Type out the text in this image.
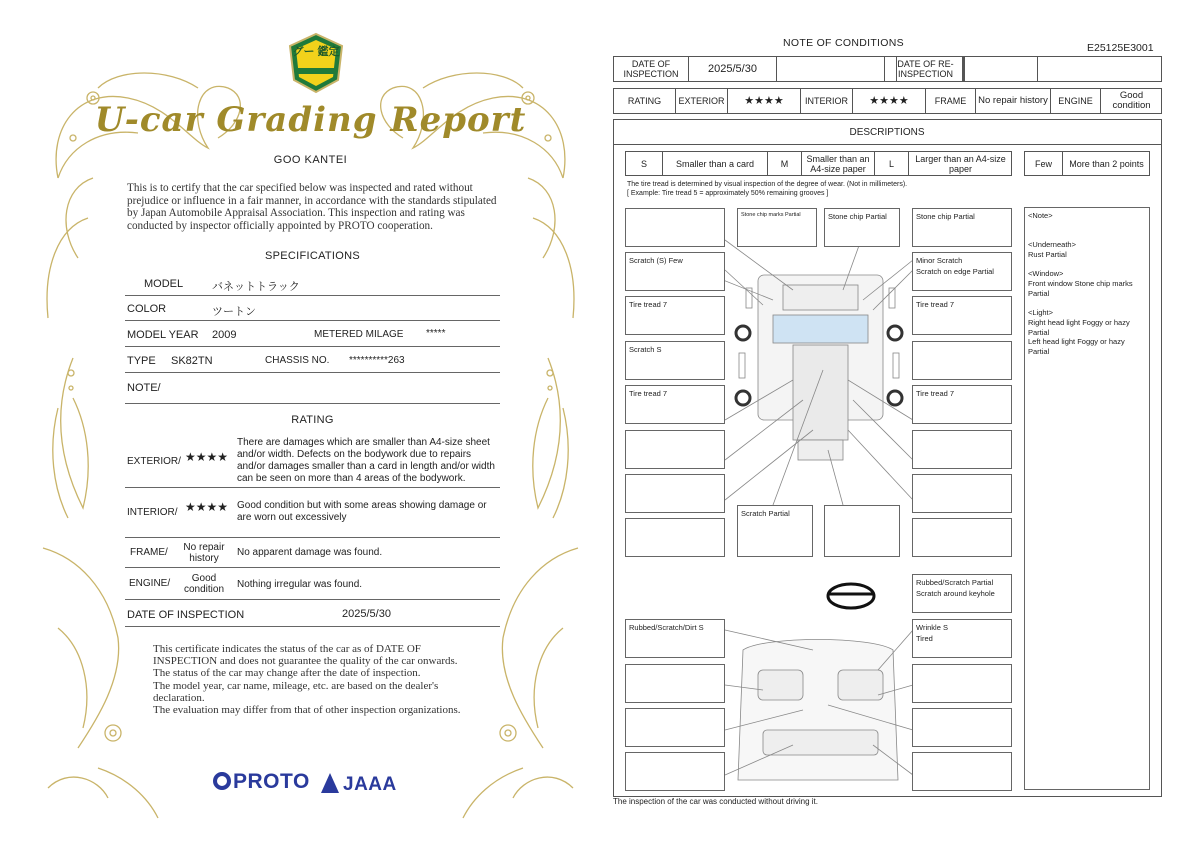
グー 鑑定
U-car Grading Report
GOO KANTEI
This is to certify that the car specified below was inspected and rated without prejudice or influence in a fair manner, in accordance with the standards stipulated by Japan Automobile Appraisal Association. This inspection and rating was conducted by inspector officially appointed by PROTO cooperation.
SPECIFICATIONS
MODEL	バネットトラック
COLOR	ツートン
MODEL YEAR 2009	METERED MILAGE *****
TYPE SK82TN	CHASSIS NO. **********263
NOTE/
RATING
EXTERIOR/ ★★★★
There are damages which are smaller than A4-size sheet and/or width. Defects on the bodywork due to repairs and/or damages smaller than a card in length and/or width can be seen on more than 4 areas of the bodywork.
INTERIOR/ ★★★★ Good condition but with some areas showing damage or are worn out excessively
FRAME/	No repair history
No apparent damage was found.
ENGINE/	Good condition	Nothing irregular was found.
DATE OF INSPECTION	2025/5/30
This certificate indicates the status of the car as of DATE OF
INSPECTION and does not guarantee the quality of the car onwards.
The status of the car may change after the date of inspection.
The model year, car name, mileage, etc. are based on the dealer's
declaration.
The evaluation may differ from that of other inspection organizations.
PROTO	JAAA
NOTE OF CONDITIONS	E25125E3001
DATE OF INSPECTION	2025/5/30	DATE OF RE-INSPECTION
RATING	EXTERIOR	★★★★	INTERIOR	★★★★	FRAME	No repair history	ENGINE	Good condition
DESCRIPTIONS
S	Smaller than a card	M	Smaller than an A4-size paper	L	Larger than an A4-size paper	Few	More than 2 points
The tire tread is determined by visual inspection of the degree of wear. (Not in millimeters).
[ Example: Tire tread 5 = approximately 50% remaining grooves ]
Stone chip marks Partial	Stone chip Partial	Stone chip Partial
Scratch (S) Few	Minor Scratch
Scratch on edge Partial
Tire tread 7	Tire tread 7
Scratch S
Tire tread 7	Tire tread 7
Scratch Partial
Rubbed/Scratch Partial
Scratch around keyhole
Rubbed/Scratch/Dirt S	Wrinkle S
Tired

<Note>

<Underneath>
Rust Partial

<Window>
Front window Stone chip marks Partial

<Light>
Right head light Foggy or hazy Partial
Left head light Foggy or hazy Partial

The inspection of the car was conducted without driving it.
